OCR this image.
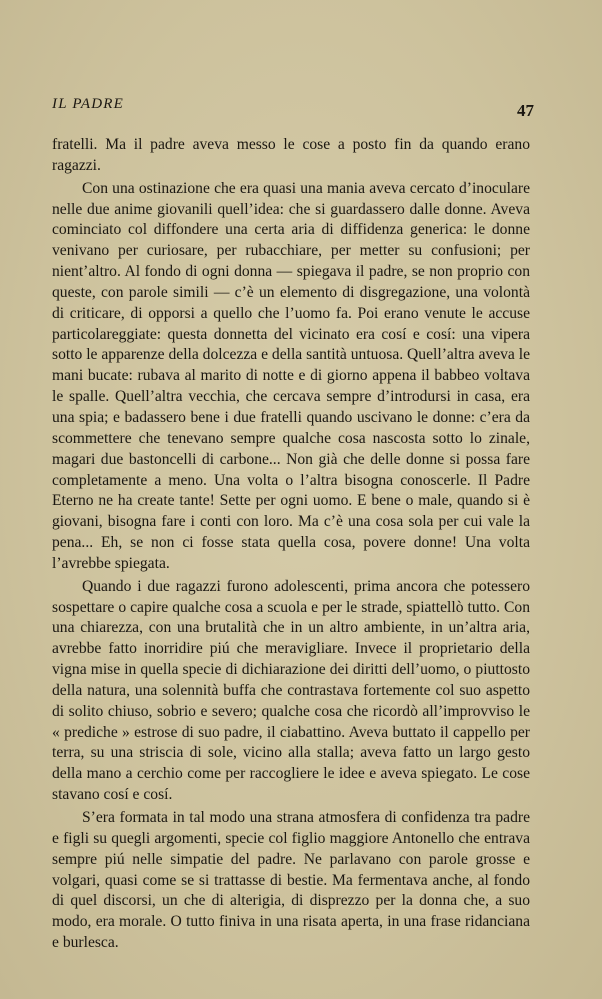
IL PADRE	47

fratelli. Ma il padre aveva messo le cose a posto fin da quando erano ragazzi.

Con una ostinazione che era quasi una mania aveva cercato d’inoculare nelle due anime giovanili quell’idea: che si guardassero dalle donne. Aveva cominciato col diffondere una certa aria di diffidenza generica: le donne venivano per curiosare, per rubacchiare, per metter su confusioni; per nient’altro. Al fondo di ogni donna — spiegava il padre, se non proprio con queste, con parole simili — c’è un elemento di disgregazione, una volontà di criticare, di opporsi a quello che l’uomo fa. Poi erano venute le accuse particolareggiate: questa donnetta del vicinato era cosí e cosí: una vipera sotto le apparenze della dolcezza e della santità untuosa. Quell’altra aveva le mani bucate: rubava al marito di notte e di giorno appena il babbeo voltava le spalle. Quell’altra vecchia, che cercava sempre d’introdursi in casa, era una spia; e badassero bene i due fratelli quando uscivano le donne: c’era da scommettere che tenevano sempre qualche cosa nascosta sotto lo zinale, magari due bastoncelli di carbone... Non già che delle donne si possa fare completamente a meno. Una volta o l’altra bisogna conoscerle. Il Padre Eterno ne ha create tante! Sette per ogni uomo. E bene o male, quando si è giovani, bisogna fare i conti con loro. Ma c’è una cosa sola per cui vale la pena... Eh, se non ci fosse stata quella cosa, povere donne! Una volta l’avrebbe spiegata.

Quando i due ragazzi furono adolescenti, prima ancora che potessero sospettare o capire qualche cosa a scuola e per le strade, spiattellò tutto. Con una chiarezza, con una brutalità che in un altro ambiente, in un’altra aria, avrebbe fatto inorridire piú che meravigliare. Invece il proprietario della vigna mise in quella specie di dichiarazione dei diritti dell’uomo, o piuttosto della natura, una solennità buffa che contrastava fortemente col suo aspetto di solito chiuso, sobrio e severo; qualche cosa che ricordò all’improvviso le « prediche » estrose di suo padre, il ciabattino. Aveva buttato il cappello per terra, su una striscia di sole, vicino alla stalla; aveva fatto un largo gesto della mano a cerchio come per raccogliere le idee e aveva spiegato. Le cose stavano cosí e cosí.

S’era formata in tal modo una strana atmosfera di confidenza tra padre e figli su quegli argomenti, specie col figlio maggiore Antonello che entrava sempre piú nelle simpatie del padre. Ne parlavano con parole grosse e volgari, quasi come se si trattasse di bestie. Ma fermentava anche, al fondo di quel discorsi, un che di alterigia, di disprezzo per la donna che, a suo modo, era morale. O tutto finiva in una risata aperta, in una frase ridanciana e burlesca.
